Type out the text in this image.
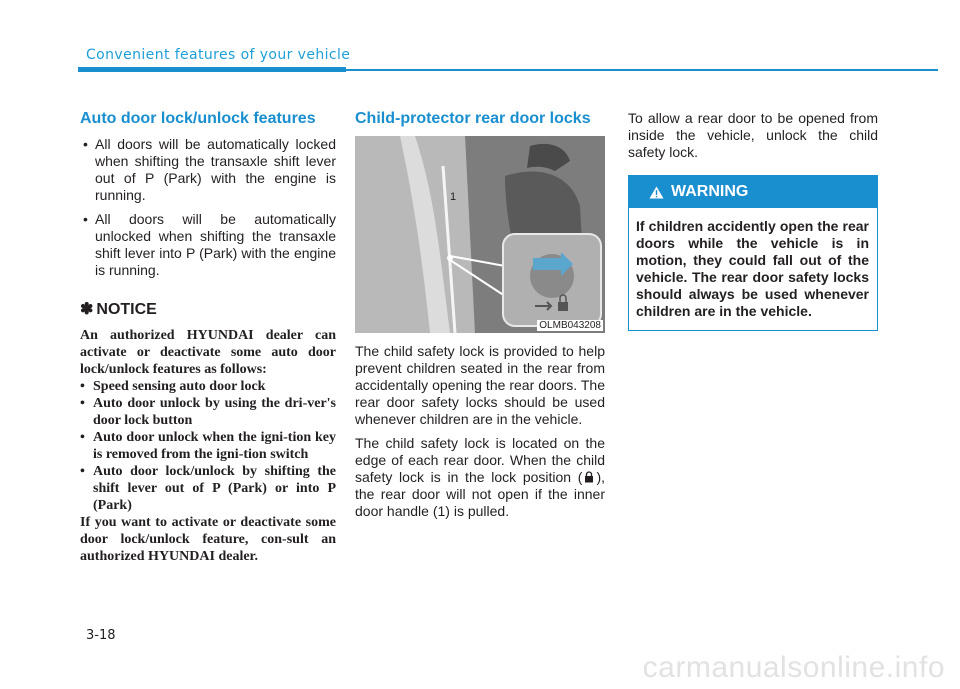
Convenient features of your vehicle
Auto door lock/unlock features
• All doors will be automatically locked when shifting the transaxle shift lever out of P (Park) with the engine is running.
• All doors will be automatically unlocked when shifting the transaxle shift lever into P (Park) with the engine is running.
✽ NOTICE
An authorized HYUNDAI dealer can activate or deactivate some auto door lock/unlock features as follows:
• Speed sensing auto door lock
• Auto door unlock by using the dri-ver's door lock button
• Auto door unlock when the igni-tion key is removed from the igni-tion switch
• Auto door lock/unlock by shifting the shift lever out of P (Park) or into P (Park)
If you want to activate or deactivate some door lock/unlock feature, con-sult an authorized HYUNDAI dealer.
Child-protector rear door locks
1
OLMB043208

The child safety lock is provided to help prevent children seated in the rear from accidentally opening the rear doors. The rear door safety locks should be used whenever children are in the vehicle.

The child safety lock is located on the edge of each rear door. When the child safety lock is in the lock position ( ), the rear door will not open if the inner door handle (1) is pulled.

To allow a rear door to be opened from inside the vehicle, unlock the child safety lock.

WARNING
If children accidently open the rear doors while the vehicle is in motion, they could fall out of the vehicle. The rear door safety locks should always be used whenever children are in the vehicle.
3-18
carmanualsonline.info
